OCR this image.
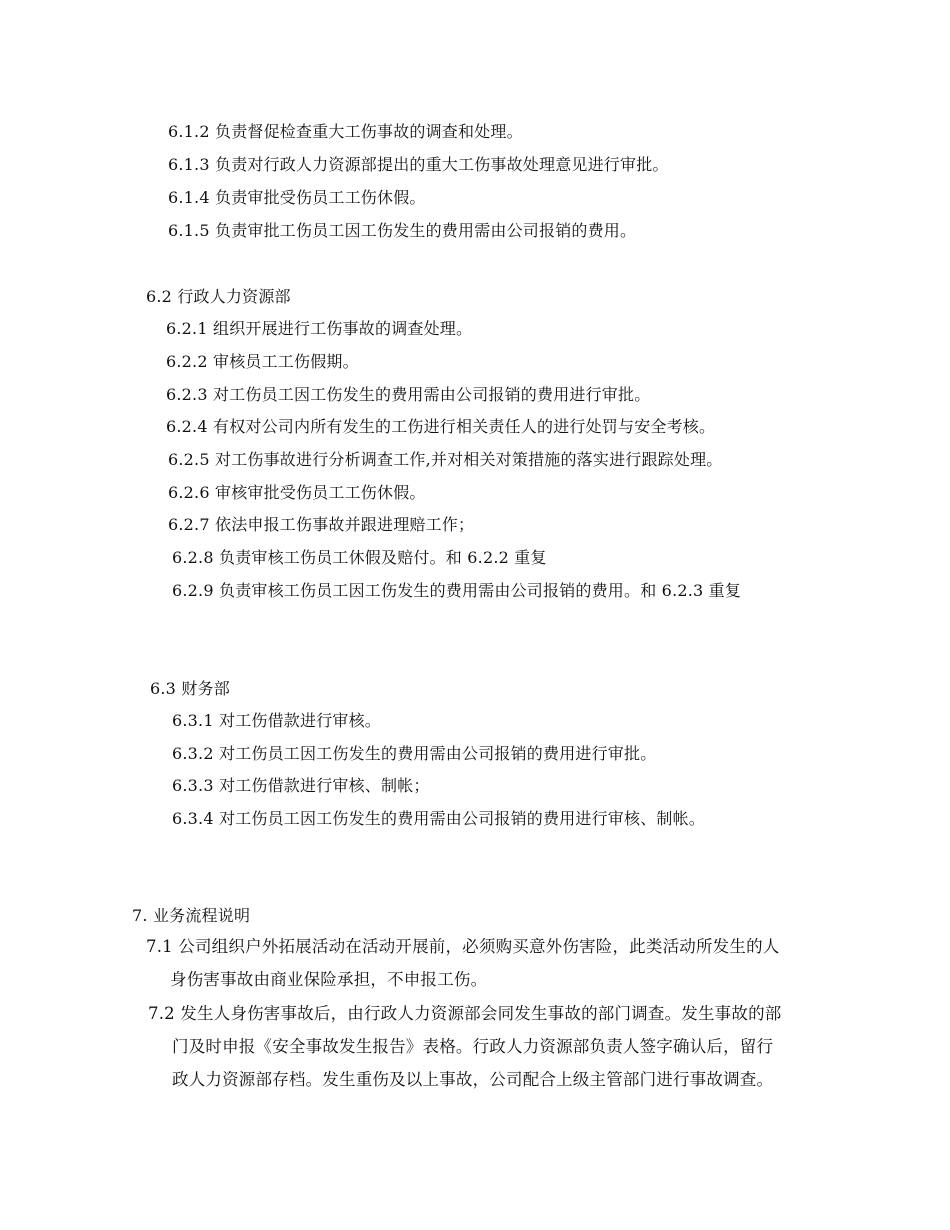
6.1.2 负责督促检查重大工伤事故的调查和处理。
6.1.3 负责对行政人力资源部提出的重大工伤事故处理意见进行审批。
6.1.4 负责审批受伤员工工伤休假。
6.1.5 负责审批工伤员工因工伤发生的费用需由公司报销的费用。
6.2 行政人力资源部
6.2.1 组织开展进行工伤事故的调查处理。
6.2.2 审核员工工伤假期。
6.2.3 对工伤员工因工伤发生的费用需由公司报销的费用进行审批。
6.2.4 有权对公司内所有发生的工伤进行相关责任人的进行处罚与安全考核。
6.2.5 对工伤事故进行分析调查工作,并对相关对策措施的落实进行跟踪处理。
6.2.6 审核审批受伤员工工伤休假。
6.2.7 依法申报工伤事故并跟进理赔工作；
6.2.8 负责审核工伤员工休假及赔付。和 6.2.2 重复
6.2.9 负责审核工伤员工因工伤发生的费用需由公司报销的费用。和 6.2.3 重复
6.3 财务部
6.3.1 对工伤借款进行审核。
6.3.2 对工伤员工因工伤发生的费用需由公司报销的费用进行审批。
6.3.3 对工伤借款进行审核、制帐；
6.3.4 对工伤员工因工伤发生的费用需由公司报销的费用进行审核、制帐。
7. 业务流程说明
7.1 公司组织户外拓展活动在活动开展前，必须购买意外伤害险，此类活动所发生的人
身伤害事故由商业保险承担，不申报工伤。
7.2 发生人身伤害事故后，由行政人力资源部会同发生事故的部门调查。发生事故的部
门及时申报《安全事故发生报告》表格。行政人力资源部负责人签字确认后，留行
政人力资源部存档。发生重伤及以上事故，公司配合上级主管部门进行事故调查。
